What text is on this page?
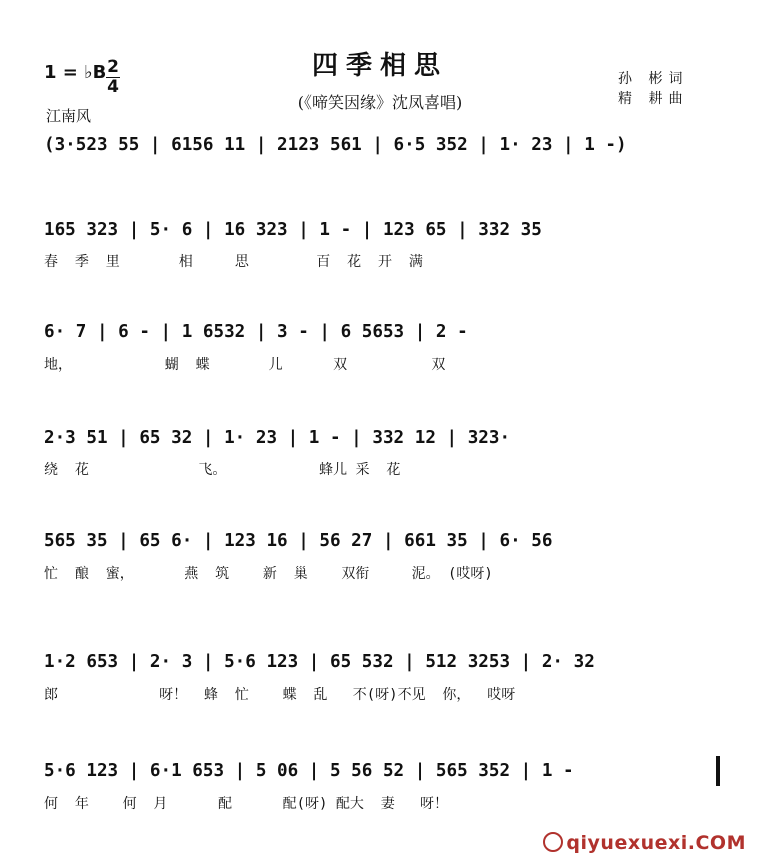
四季相思
(《啼笑因缘》沈凤喜唱)
1 = ♭B 2
4
江南风
孙 彬词
精 耕曲
(3·523 55 | 6156 11 | 2123 561 | 6·5 352 | 1· 23 | 1 -)
165 323 | 5· 6 | 16 323 | 1 - | 123 65 | 332 35
春  季  里       相     思        百  花  开  满
6· 7 | 6 - | 1 6532 | 3 - | 6 5653 | 2 -
地，           蝴  蝶       儿      双          双
2·3 51 | 65 32 | 1· 23 | 1 - | 332 12 | 323·
绕  花             飞。           蜂儿 采  花
565 35 | 65 6· | 123 16 | 56 27 | 661 35 | 6· 56
忙  酿  蜜，      燕  筑    新  巢    双衔     泥。 (哎呀)
1·2 653 | 2· 3 | 5·6 123 | 65 532 | 512 3253 | 2· 32
郎            呀！  蜂  忙    蝶  乱   不(呀)不见  你，  哎呀
5·6 123 | 6·1 653 | 5 06 | 5 56 52 | 565 352 | 1 -
何  年    何  月      配      配(呀) 配大  妻   呀！
qiyuexuexi.COM
